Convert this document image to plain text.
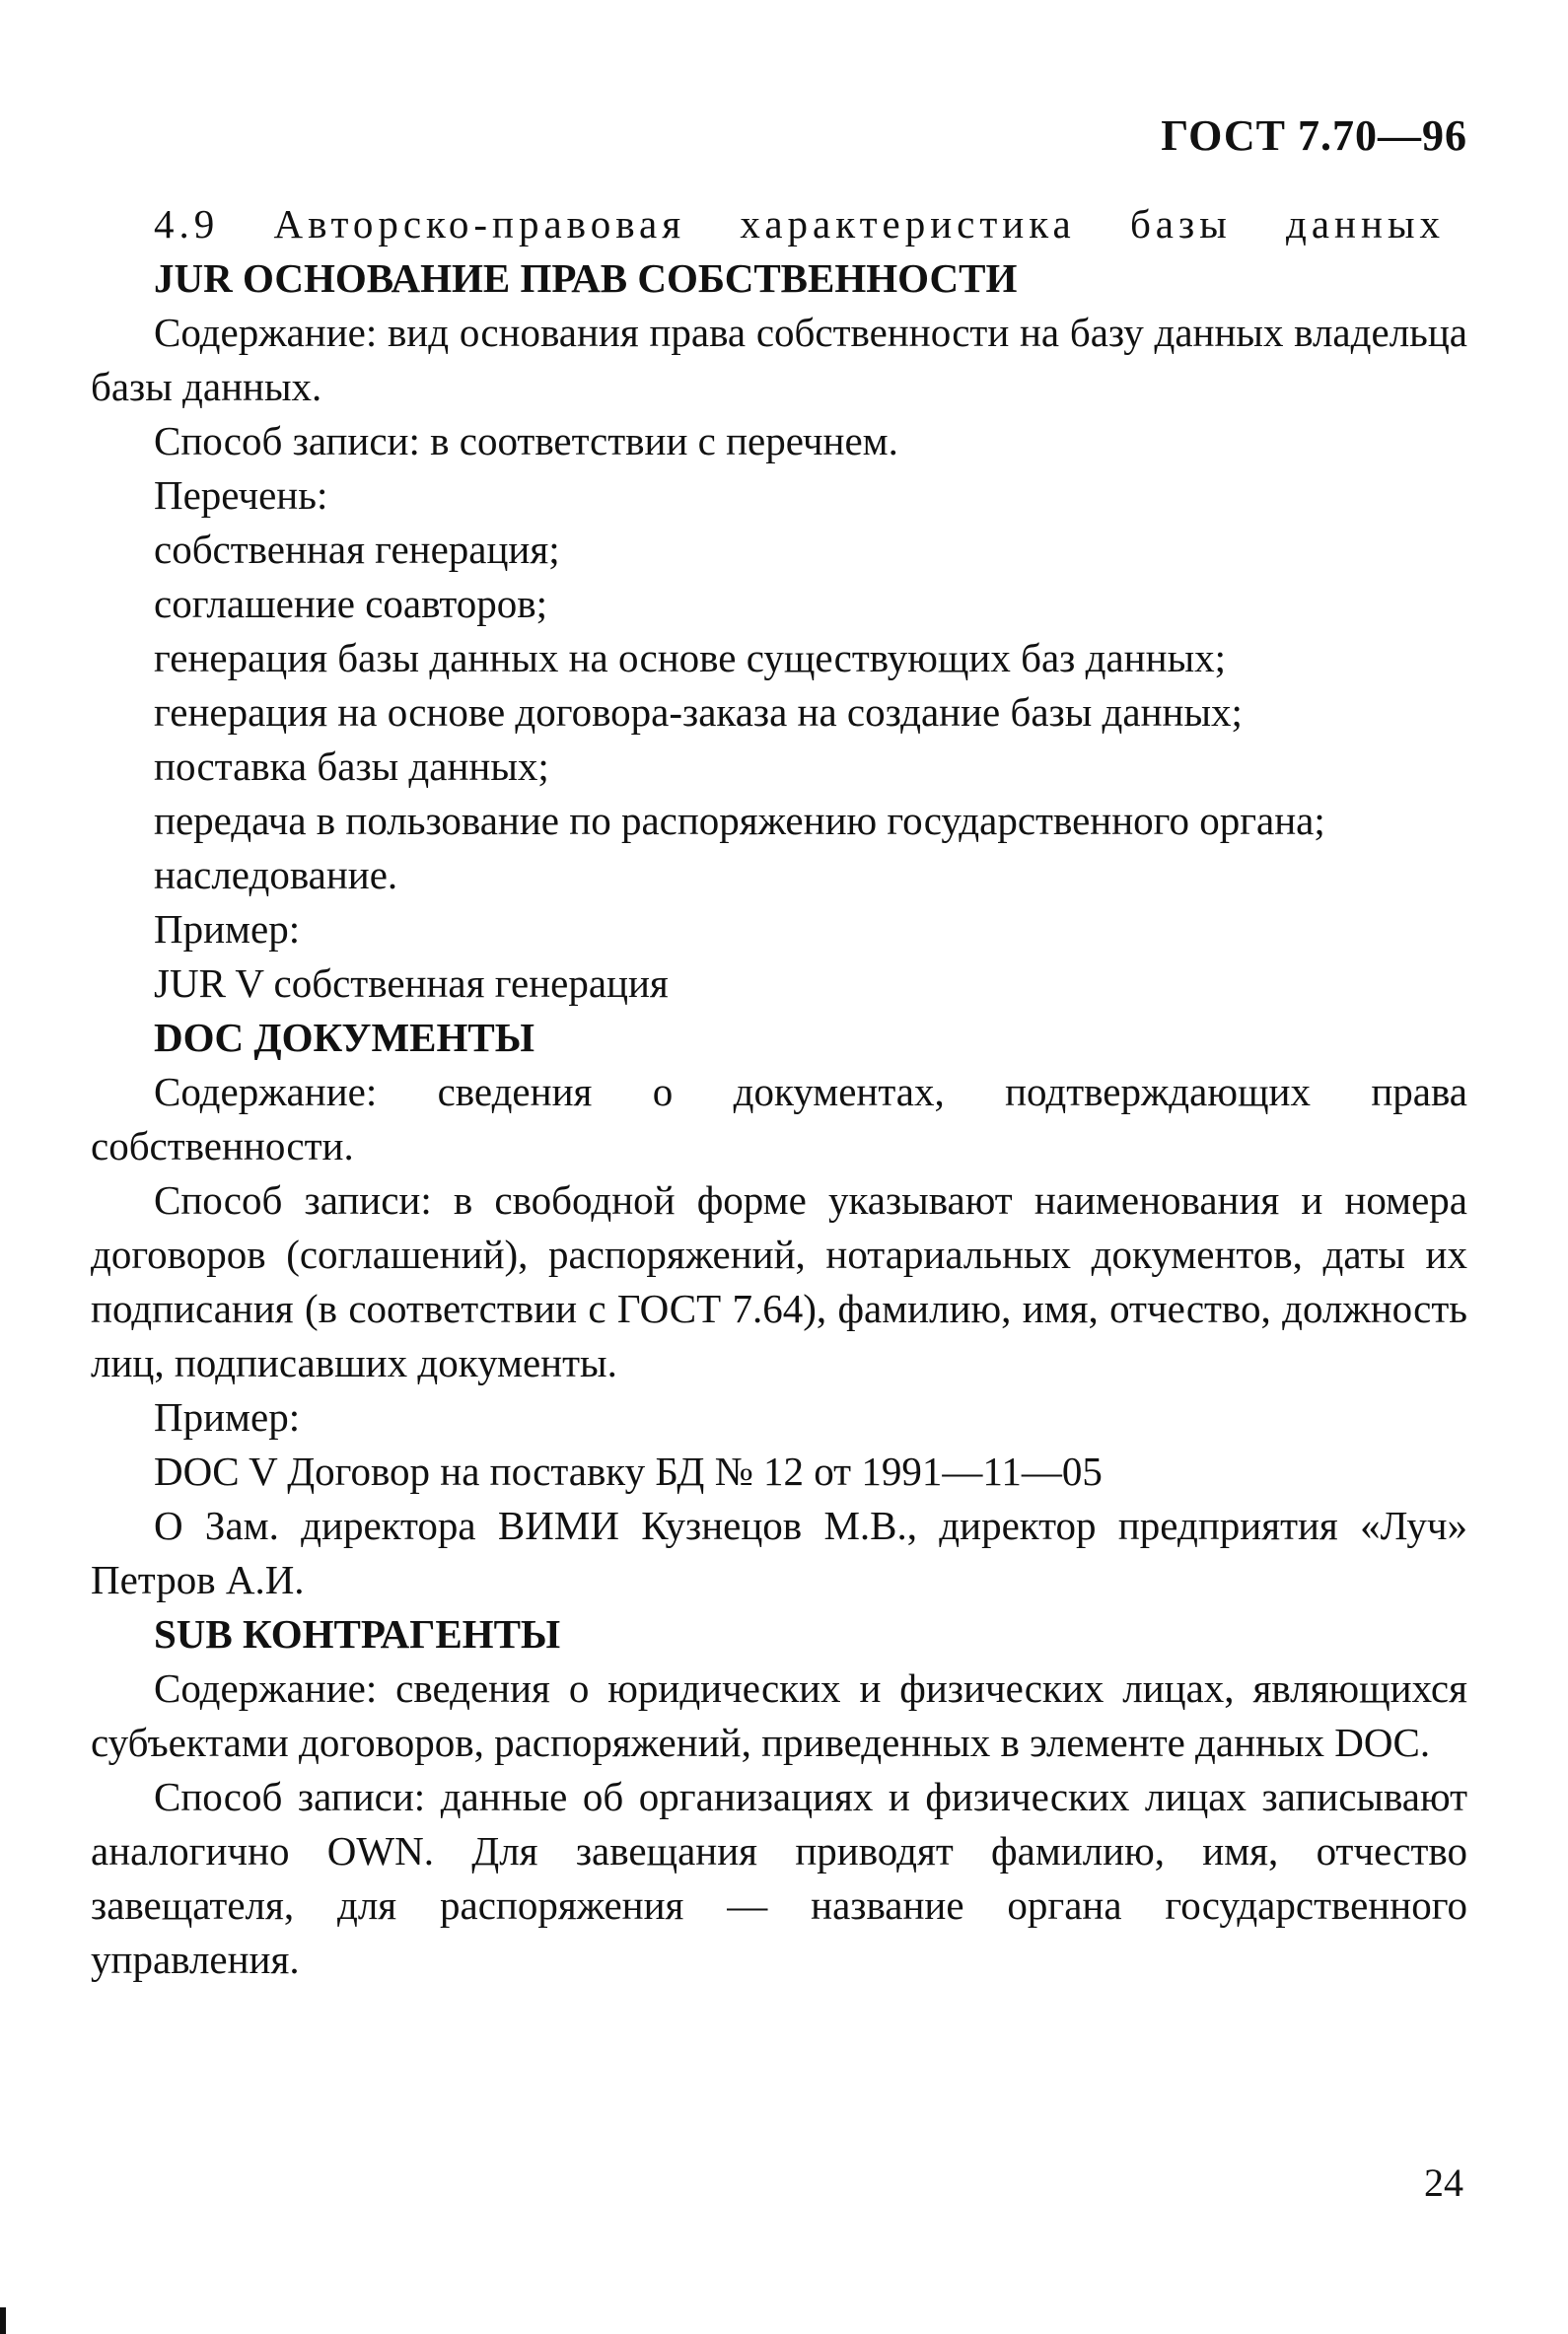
ГОСТ 7.70—96

4.9 Авторско-правовая характеристика базы данных

JUR ОСНОВАНИЕ ПРАВ СОБСТВЕННОСТИ

Содержание: вид основания права собственности на базу данных владельца базы данных.

Способ записи: в соответствии с перечнем.

Перечень:

собственная генерация;

соглашение соавторов;

генерация базы данных на основе существующих баз данных;

генерация на основе договора-заказа на создание базы данных;

поставка базы данных;

передача в пользование по распоряжению государственного органа;

наследование.

Пример:

JUR V собственная генерация

DOC ДОКУМЕНТЫ

Содержание: сведения о документах, подтверждающих права собственности.

Способ записи: в свободной форме указывают наименования и номера договоров (соглашений), распоряжений, нотариальных документов, даты их подписания (в соответствии с ГОСТ 7.64), фамилию, имя, отчество, должность лиц, подписавших документы.

Пример:

DOC V Договор на поставку БД № 12 от 1991—11—05

O Зам. директора ВИМИ Кузнецов М.В., директор предприятия «Луч» Петров А.И.

SUB КОНТРАГЕНТЫ

Содержание: сведения о юридических и физических лицах, являющихся субъектами договоров, распоряжений, приведенных в элементе данных DOC.

Способ записи: данные об организациях и физических лицах записывают аналогично OWN. Для завещания приводят фамилию, имя, отчество завещателя, для распоряжения — название органа государственного управления.

24
